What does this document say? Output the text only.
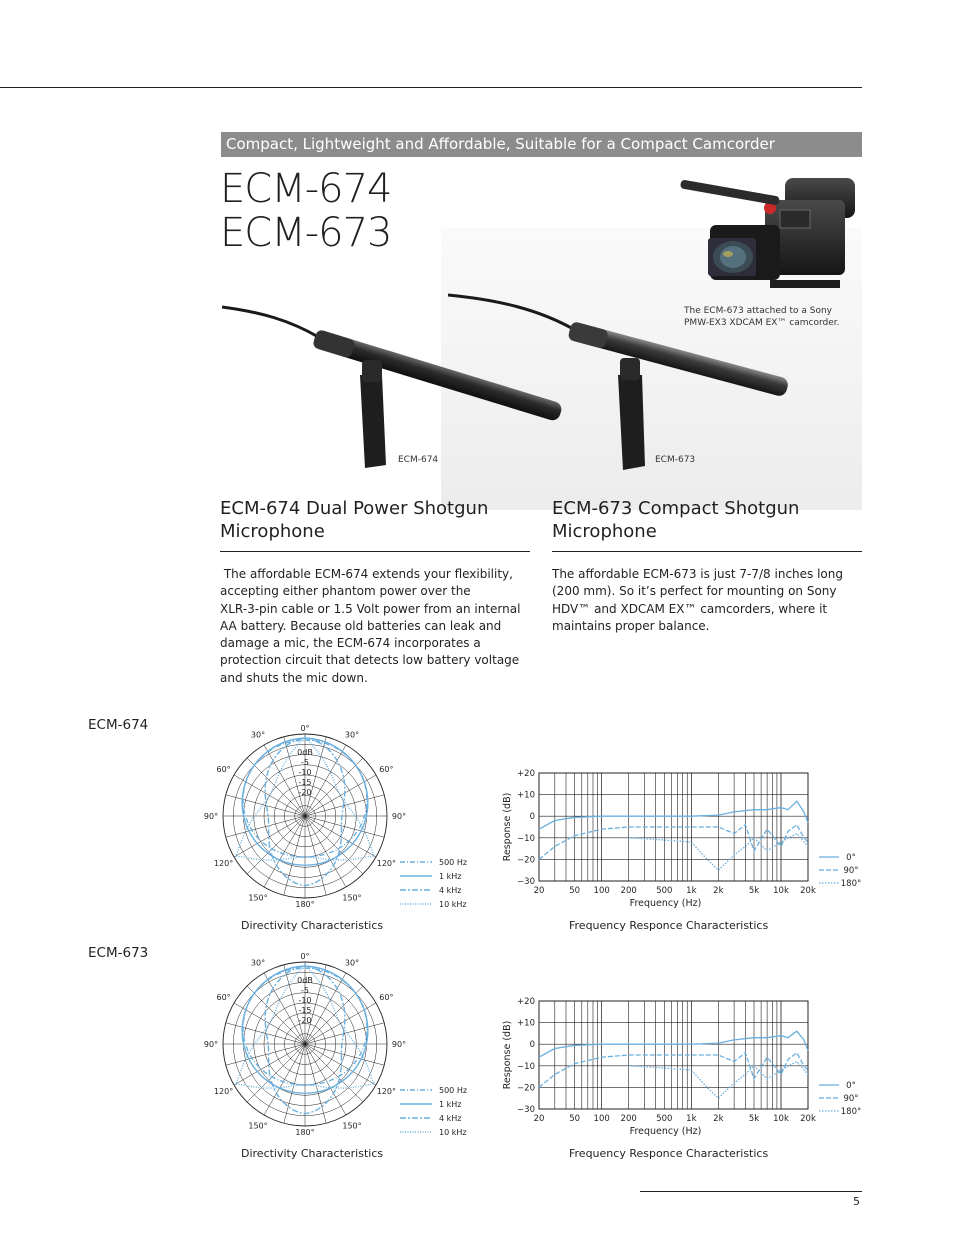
Compact, Lightweight and Affordable, Suitable for a Compact Camcorder
ECM-674
ECM-673
The ECM-673 attached to a Sony
PMW-EX3 XDCAM EX™ camcorder.
ECM-674	ECM-673
ECM-674 Dual Power Shotgun
Microphone
The affordable ECM-674 extends your flexibility,
accepting either phantom power over the
XLR-3-pin cable or 1.5 Volt power from an internal
AA battery. Because old batteries can leak and
damage a mic, the ECM-674 incorporates a
protection circuit that detects low battery voltage
and shuts the mic down.
ECM-673 Compact Shotgun
Microphone
The affordable ECM-673 is just 7-7/8 inches long
(200 mm). So it’s perfect for mounting on Sony
HDV™ and XDCAM EX™ camcorders, where it
maintains proper balance.
ECM-674
ECM-673
0°
30°	30°
60°	60°
90°	90°
120°	120°
150°	150°
180°
0dB
-5
-10
-15
-20
500 Hz
1 kHz
4 kHz
10 kHz
0°
30°	30°
60°	60°
90°	90°
120°	120°
150°	150°
180°
0dB
-5
-10
-15
-20
500 Hz
1 kHz
4 kHz
10 kHz
+20
+10
0
−10
−20
−30
20	50 100 200 500 1k 2k	5k 10k 20k
Frequency (Hz)
Response (dB)	0°
90°
180°
+20
+10
0
−10
−20
−30
20	50 100 200 500 1k 2k	5k 10k 20k
Frequency (Hz)
Response (dB)	0°
90°
180°
Directivity Characteristics	Frequency Responce Characteristics
Directivity Characteristics	Frequency Responce Characteristics
5
